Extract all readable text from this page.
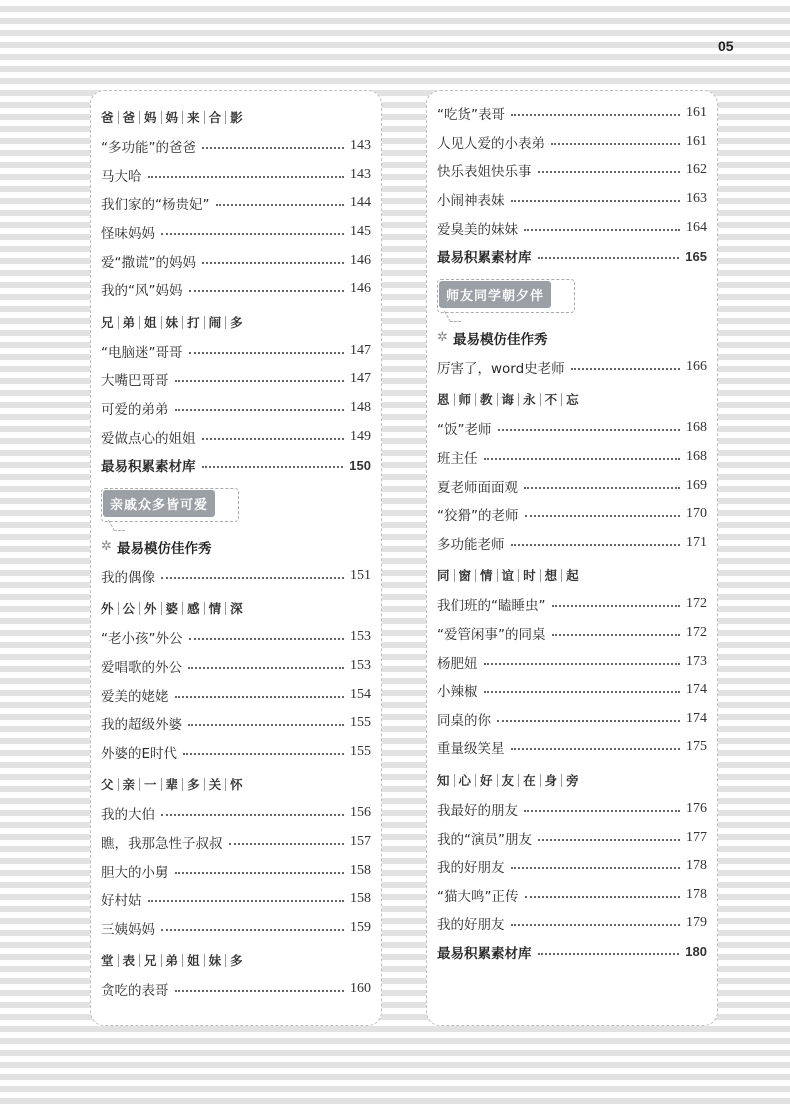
05
爸 爸 妈 妈 来 合 影
“多功能”的爸爸	143
马大哈	143
我们家的“杨贵妃”	144
怪味妈妈	145
爱“撒谎”的妈妈	146
我的“风”妈妈	146
兄 弟 姐 妹 打 闹 多
“电脑迷”哥哥	147
大嘴巴哥哥	147
可爱的弟弟	148
爱做点心的姐姐	149
最易积累素材库	150
亲戚众多皆可爱
✲ 最易模仿佳作秀
我的偶像	151
外 公 外 婆 感 情 深
“老小孩”外公	153
爱唱歌的外公	153
爱美的姥姥	154
我的超级外婆	155
外婆的E时代	155
父 亲 一 辈 多 关 怀
我的大伯	156
瞧，我那急性子叔叔	157
胆大的小舅	158
好村姑	158
三姨妈妈	159
堂 表 兄 弟 姐 妹 多
贪吃的表哥	160
“吃货”表哥	161
人见人爱的小表弟	161
快乐表姐快乐事	162
小闹神表妹	163
爱臭美的妹妹	164
最易积累素材库	165
师友同学朝夕伴
✲ 最易模仿佳作秀
厉害了，word史老师	166
恩 师 教 诲 永 不 忘
“饭”老师	168
班主任	168
夏老师面面观	169
“狡猾”的老师	170
多功能老师	171
同 窗 情 谊 时 想 起
我们班的“瞌睡虫”	172
“爱管闲事”的同桌	172
杨肥妞	173
小辣椒	174
同桌的你	174
重量级笑星	175
知 心 好 友 在 身 旁
我最好的朋友	176
我的“演员”朋友	177
我的好朋友	178
“猫大鸣”正传	178
我的好朋友	179
最易积累素材库	180
